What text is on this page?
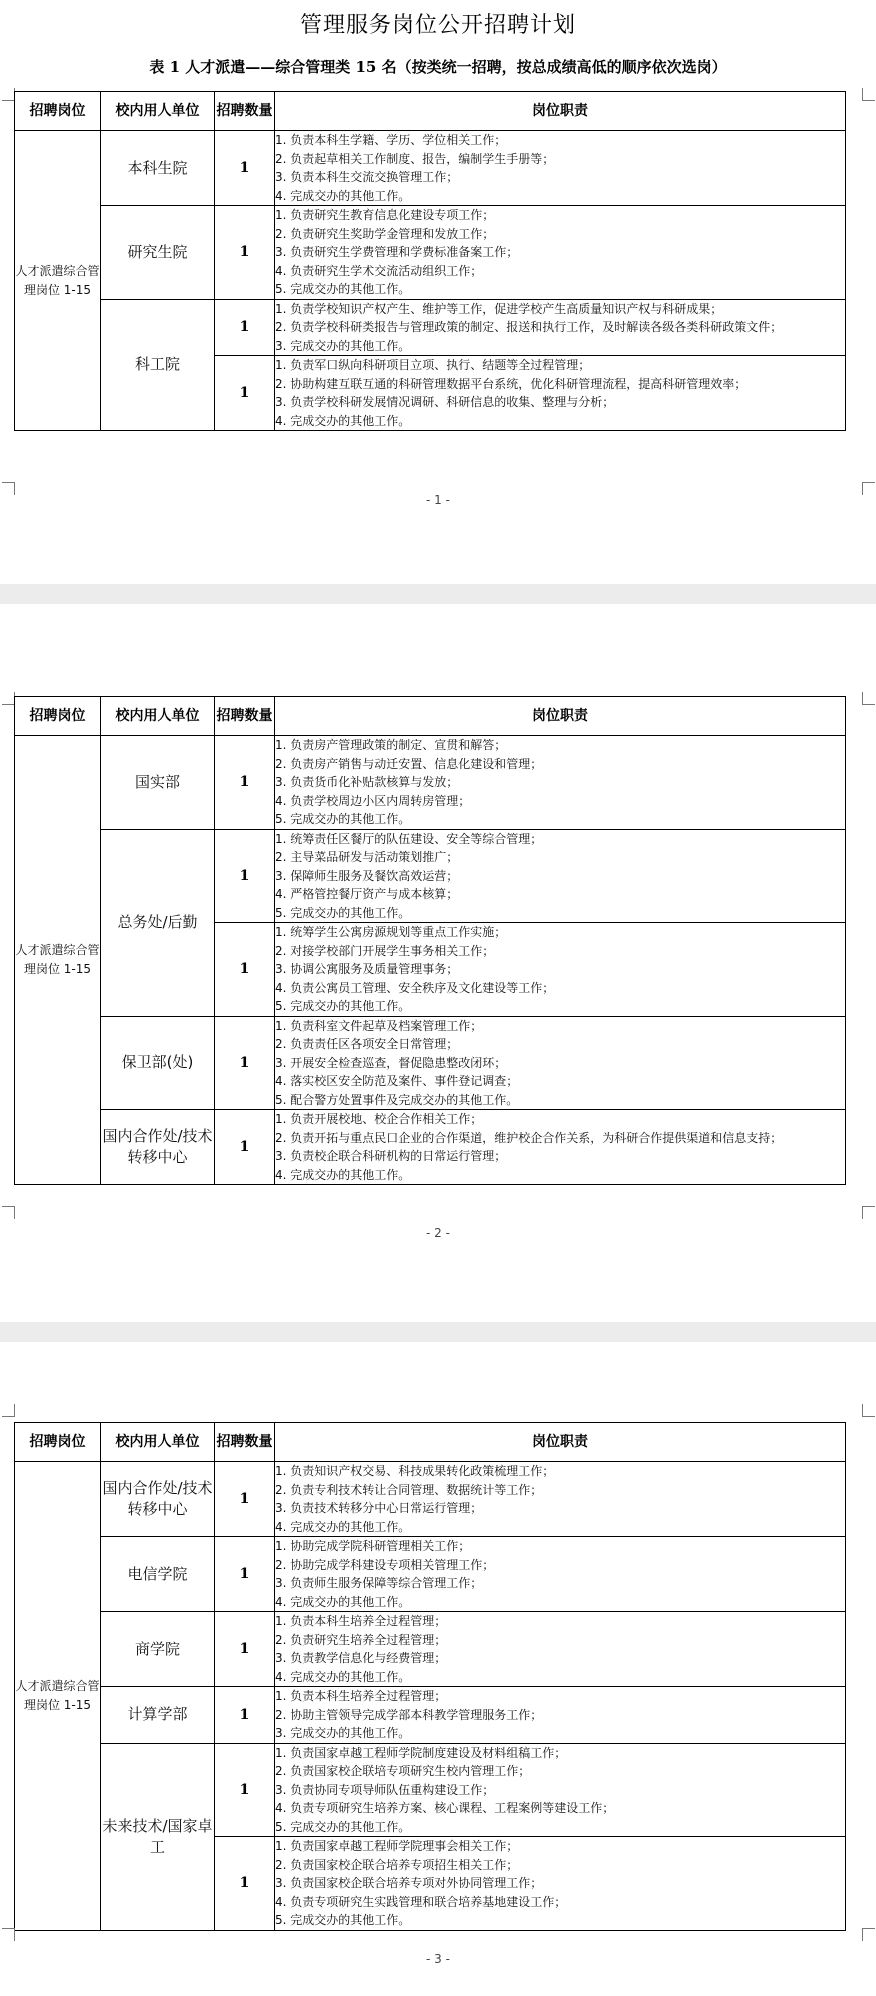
管理服务岗位公开招聘计划
表 1 人才派遣——综合管理类 15 名（按类统一招聘，按总成绩高低的顺序依次选岗）
招聘岗位	校内用人单位	招聘数量	岗位职责
人才派遣综合管理岗位 1-15	本科生院	1	1. 负责本科生学籍、学历、学位相关工作；
2. 负责起草相关工作制度、报告，编制学生手册等；
3. 负责本科生交流交换管理工作；
4. 完成交办的其他工作。

	研究生院	1	1. 负责研究生教育信息化建设专项工作；
2. 负责研究生奖助学金管理和发放工作；
3. 负责研究生学费管理和学费标准备案工作；
4. 负责研究生学术交流活动组织工作；
5. 完成交办的其他工作。

	科工院	1	1. 负责学校知识产权产生、维护等工作，促进学校产生高质量知识产权与科研成果；
2. 负责学校科研类报告与管理政策的制定、报送和执行工作，及时解读各级各类科研政策文件；
3. 完成交办的其他工作。

		1	1. 负责军口纵向科研项目立项、执行、结题等全过程管理；
2. 协助构建互联互通的科研管理数据平台系统，优化科研管理流程，提高科研管理效率；
3. 负责学校科研发展情况调研、科研信息的收集、整理与分析；
4. 完成交办的其他工作。
- 1 -
招聘岗位	校内用人单位	招聘数量	岗位职责
人才派遣综合管理岗位 1-15	国实部	1	1. 负责房产管理政策的制定、宣贯和解答；
2. 负责房产销售与动迁安置、信息化建设和管理；
3. 负责货币化补贴款核算与发放；
4. 负责学校周边小区内周转房管理；
5. 完成交办的其他工作。

	总务处/后勤	1	1. 统筹责任区餐厅的队伍建设、安全等综合管理；
2. 主导菜品研发与活动策划推广；
3. 保障师生服务及餐饮高效运营；
4. 严格管控餐厅资产与成本核算；
5. 完成交办的其他工作。

		1	1. 统筹学生公寓房源规划等重点工作实施；
2. 对接学校部门开展学生事务相关工作；
3. 协调公寓服务及质量管理事务；
4. 负责公寓员工管理、安全秩序及文化建设等工作；
5. 完成交办的其他工作。

	保卫部(处)	1	1. 负责科室文件起草及档案管理工作；
2. 负责责任区各项安全日常管理；
3. 开展安全检查巡查，督促隐患整改闭环；
4. 落实校区安全防范及案件、事件登记调查；
5. 配合警方处置事件及完成交办的其他工作。

	国内合作处/技术转移中心	1	1. 负责开展校地、校企合作相关工作；
2. 负责开拓与重点民口企业的合作渠道，维护校企合作关系，为科研合作提供渠道和信息支持；
3. 负责校企联合科研机构的日常运行管理；
4. 完成交办的其他工作。
- 2 -
招聘岗位	校内用人单位	招聘数量	岗位职责
人才派遣综合管理岗位 1-15	国内合作处/技术转移中心	1	1. 负责知识产权交易、科技成果转化政策梳理工作；
2. 负责专利技术转让合同管理、数据统计等工作；
3. 负责技术转移分中心日常运行管理；
4. 完成交办的其他工作。

	电信学院	1	1. 协助完成学院科研管理相关工作；
2. 协助完成学科建设专项相关管理工作；
3. 负责师生服务保障等综合管理工作；
4. 完成交办的其他工作。

	商学院	1	1. 负责本科生培养全过程管理；
2. 负责研究生培养全过程管理；
3. 负责教学信息化与经费管理；
4. 完成交办的其他工作。

	计算学部	1	1. 负责本科生培养全过程管理；
2. 协助主管领导完成学部本科教学管理服务工作；
3. 完成交办的其他工作。

	未来技术/国家卓工	1	1. 负责国家卓越工程师学院制度建设及材料组稿工作；
2. 负责国家校企联培专项研究生校内管理工作；
3. 负责协同专项导师队伍重构建设工作；
4. 负责专项研究生培养方案、核心课程、工程案例等建设工作；
5. 完成交办的其他工作。

		1	1. 负责国家卓越工程师学院理事会相关工作；
2. 负责国家校企联合培养专项招生相关工作；
3. 负责国家校企联合培养专项对外协同管理工作；
4. 负责专项研究生实践管理和联合培养基地建设工作；
5. 完成交办的其他工作。
- 3 -
